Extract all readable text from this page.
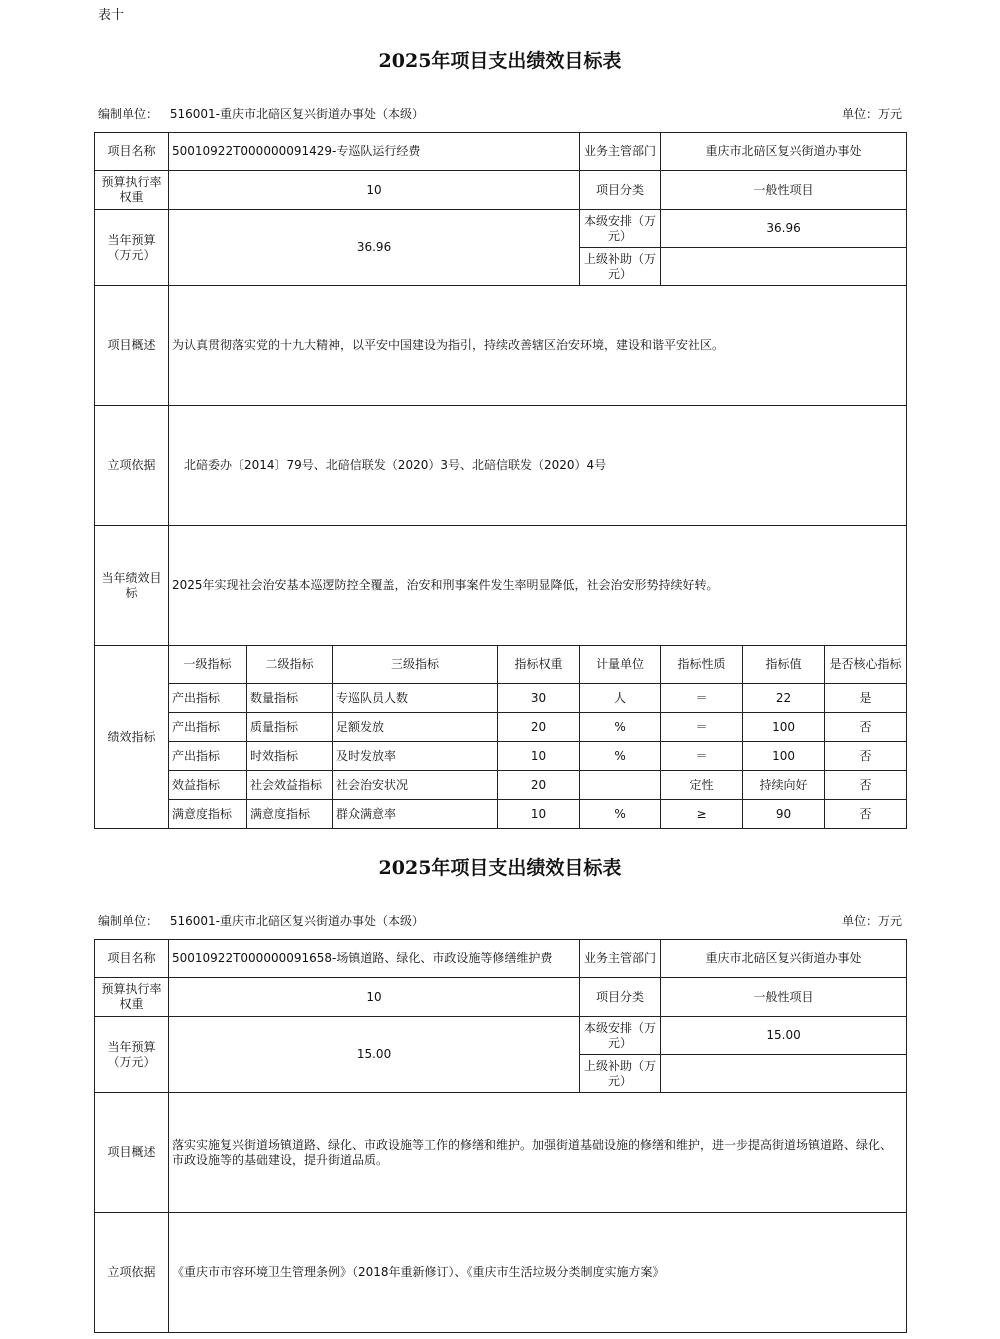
表十
2025年项目支出绩效目标表
编制单位： 516001-重庆市北碚区复兴街道办事处（本级）	单位：万元
项目名称	50010922T000000091429-专巡队运行经费				业务主管部门	重庆市北碚区复兴街道办事处		
预算执行率权重	10				项目分类	一般性项目		
当年预算（万元）	36.96				本级安排（万元）	36.96		
					上级补助（万元）			
项目概述	为认真贯彻落实党的十九大精神，以平安中国建设为指引，持续改善辖区治安环境，建设和谐平安社区。							
立项依据	　北碚委办〔2014〕79号、北碚信联发（2020）3号、北碚信联发（2020）4号							
当年绩效目标	2025年实现社会治安基本巡逻防控全覆盖，治安和刑事案件发生率明显降低，社会治安形势持续好转。							
绩效指标	一级指标	二级指标	三级指标	指标权重	计量单位	指标性质	指标值	是否核心指标
	产出指标	数量指标	专巡队员人数	30	人	＝	22	是
	产出指标	质量指标	足额发放	20	%	＝	100	否
	产出指标	时效指标	及时发放率	10	%	＝	100	否
	效益指标	社会效益指标	社会治安状况	20		定性	持续向好	否
	满意度指标	满意度指标	群众满意率	10	%	≥	90	否
2025年项目支出绩效目标表
编制单位： 516001-重庆市北碚区复兴街道办事处（本级）	单位：万元
项目名称	50010922T000000091658-场镇道路、绿化、市政设施等修缮维护费	业务主管部门	重庆市北碚区复兴街道办事处
预算执行率权重	10	项目分类	一般性项目
当年预算（万元）	15.00	本级安排（万元）	15.00
		上级补助（万元）	
项目概述	落实实施复兴街道场镇道路、绿化、市政设施等工作的修缮和维护。加强街道基础设施的修缮和维护，进一步提高街道场镇道路、绿化、市政设施等的基础建设，提升街道品质。		
立项依据	《重庆市市容环境卫生管理条例》（2018年重新修订）、《重庆市生活垃圾分类制度实施方案》		
